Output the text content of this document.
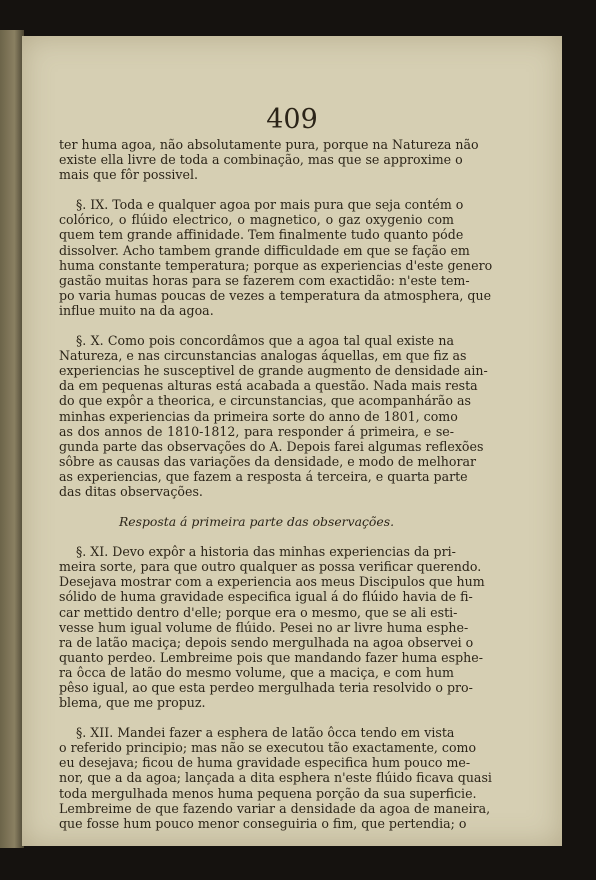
409

ter huma agoa, não absolutamente pura, porque na Natureza não
existe ella livre de toda a combinação, mas que se approxime o
mais que fôr possivel.

§. IX. Toda e qualquer agoa por mais pura que seja contém o
colórico, o flúido electrico, o magnetico, o gaz oxygenio com
quem tem grande affinidade. Tem finalmente tudo quanto póde
dissolver. Acho tambem grande difficuldade em que se fação em
huma constante temperatura; porque as experiencias d'este genero
gastão muitas horas para se fazerem com exactidão: n'este tem-
po varia humas poucas de vezes a temperatura da atmosphera, que
influe muito na da agoa.

§. X. Como pois concordâmos que a agoa tal qual existe na
Natureza, e nas circunstancias analogas áquellas, em que fiz as
experiencias he susceptivel de grande augmento de densidade ain-
da em pequenas alturas está acabada a questão. Nada mais resta
do que expôr a theorica, e circunstancias, que acompanhárão as
minhas experiencias da primeira sorte do anno de 1801, como
as dos annos de 1810-1812, para responder á primeira, e se-
gunda parte das observações do A. Depois farei algumas reflexões
sôbre as causas das variações da densidade, e modo de melhorar
as experiencias, que fazem a resposta á terceira, e quarta parte
das ditas observações.

Resposta á primeira parte das observações.

§. XI. Devo expôr a historia das minhas experiencias da pri-
meira sorte, para que outro qualquer as possa verificar querendo.
Desejava mostrar com a experiencia aos meus Discipulos que hum
sólido de huma gravidade especifica igual á do flúido havia de fi-
car mettido dentro d'elle; porque era o mesmo, que se ali esti-
vesse hum igual volume de flúido. Pesei no ar livre huma esphe-
ra de latão maciça; depois sendo mergulhada na agoa observei o
quanto perdeo. Lembreime pois que mandando fazer huma esphe-
ra ôcca de latão do mesmo volume, que a maciça, e com hum
pêso igual, ao que esta perdeo mergulhada teria resolvido o pro-
blema, que me propuz.

§. XII. Mandei fazer a esphera de latão ôcca tendo em vista
o referido principio; mas não se executou tão exactamente, como
eu desejava; ficou de huma gravidade especifica hum pouco me-
nor, que a da agoa; lançada a dita esphera n'este flúido ficava quasi
toda mergulhada menos huma pequena porção da sua superficie.
Lembreime de que fazendo variar a densidade da agoa de maneira,
que fosse hum pouco menor conseguiria o fim, que pertendia; o
